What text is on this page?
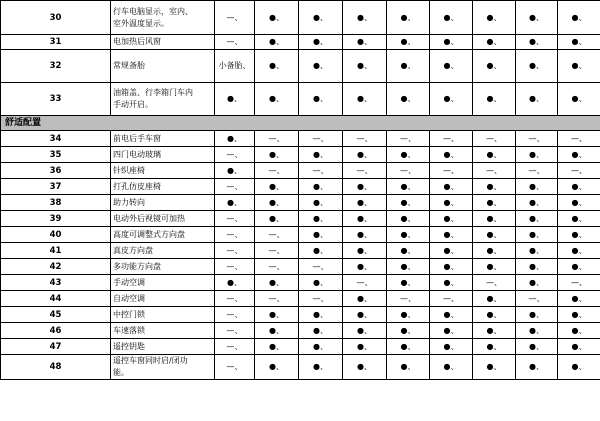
30	行车电脑显示，室内、
室外温度显示。	—、	●、	●、	●、	●、	●、	●、	●、	●、
31	电加热后风窗	—、	●、	●、	●、	●、	●、	●、	●、	●、
32	常规备胎	小备胎、	●、	●、	●、	●、	●、	●、	●、	●、
33	油箱盖、行李箱门车内
手动开启。	●、	●、	●、	●、	●、	●、	●、	●、	●、
舒适配置										
34	前电后手车窗	●、	—、	—、	—、	—、	—、	—、	—、	—、
35	四门电动玻璃	—、	●、	●、	●、	●、	●、	●、	●、	●、
36	针织座椅	●、	—、	—、	—、	—、	—、	—、	—、	—、
37	打孔仿皮座椅	—、	●、	●、	●、	●、	●、	●、	●、	●、
38	助力转向	●、	●、	●、	●、	●、	●、	●、	●、	●、
39	电动外后视镜可加热	—、	●、	●、	●、	●、	●、	●、	●、	●、
40	高度可调整式方向盘	—、	—、	●、	●、	●、	●、	●、	●、	●、
41	真皮方向盘	—、	—、	●、	●、	●、	●、	●、	●、	●、
42	多功能方向盘	—、	—、	—、	●、	●、	●、	●、	●、	●、
43	手动空调	●、	●、	●、	—、	●、	●、	—、	●、	—、
44	自动空调	—、	—、	—、	●、	—、	—、	●、	—、	●、
45	中控门锁	—、	●、	●、	●、	●、	●、	●、	●、	●、
46	车速落锁	—、	●、	●、	●、	●、	●、	●、	●、	●、
47	遥控钥匙	—、	●、	●、	●、	●、	●、	●、	●、	●、
48	遥控车窗同时启/闭功
能。	—、	●、	●、	●、	●、	●、	●、	●、	●、
